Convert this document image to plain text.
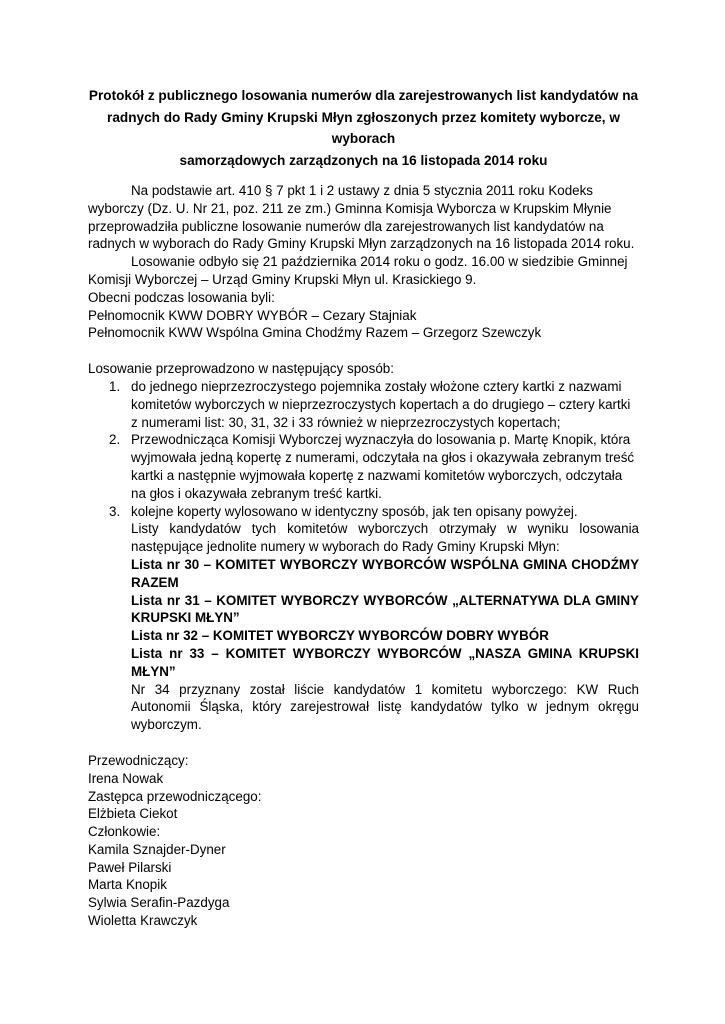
Protokół z publicznego losowania numerów dla zarejestrowanych list kandydatów na
radnych do Rady Gminy Krupski Młyn zgłoszonych przez komitety wyborcze, w wyborach
samorządowych zarządzonych na 16 listopada 2014 roku

Na podstawie art. 410 § 7 pkt 1 i 2 ustawy z dnia 5 stycznia 2011 roku Kodeks
wyborczy (Dz. U. Nr 21, poz. 211 ze zm.) Gminna Komisja Wyborcza w Krupskim Młynie
przeprowadziła publiczne losowanie numerów dla zarejestrowanych list kandydatów na
radnych w wyborach do Rady Gminy Krupski Młyn zarządzonych na 16 listopada 2014 roku.

Losowanie odbyło się 21 października 2014 roku o godz. 16.00 w siedzibie Gminnej
Komisji Wyborczej – Urząd Gminy Krupski Młyn ul. Krasickiego 9.

Obecni podczas losowania byli:

Pełnomocnik KWW DOBRY WYBÓR – Cezary Stajniak

Pełnomocnik KWW Wspólna Gmina Chodźmy Razem – Grzegorz Szewczyk

Losowanie przeprowadzono w następujący sposób:

1. do jednego nieprzezroczystego pojemnika zostały włożone cztery kartki z nazwami
komitetów wyborczych w nieprzezroczystych kopertach a do drugiego – cztery kartki
z numerami list: 30, 31, 32 i 33 również w nieprzezroczystych kopertach;
2. Przewodnicząca Komisji Wyborczej wyznaczyła do losowania p. Martę Knopik, która
wyjmowała jedną kopertę z numerami, odczytała na głos i okazywała zebranym treść
kartki a następnie wyjmowała kopertę z nazwami komitetów wyborczych, odczytała
na głos i okazywała zebranym treść kartki.
3. kolejne koperty wylosowano w identyczny sposób, jak ten opisany powyżej.

Listy kandydatów tych komitetów wyborczych otrzymały w wyniku losowania następujące jednolite numery w wyborach do Rady Gminy Krupski Młyn:

Lista nr 30 – KOMITET WYBORCZY WYBORCÓW WSPÓLNA GMINA CHODŹMY RAZEM

Lista nr 31 – KOMITET WYBORCZY WYBORCÓW „ALTERNATYWA DLA GMINY KRUPSKI MŁYN”

Lista nr 32 – KOMITET WYBORCZY WYBORCÓW DOBRY WYBÓR

Lista nr 33 – KOMITET WYBORCZY WYBORCÓW „NASZA GMINA KRUPSKI MŁYN”

Nr 34 przyznany został liście kandydatów 1 komitetu wyborczego: KW Ruch Autonomii Śląska, który zarejestrował listę kandydatów tylko w jednym okręgu wyborczym.

Przewodniczący:

Irena Nowak

Zastępca przewodniczącego:

Elżbieta Ciekot

Członkowie:

Kamila Sznajder-Dyner

Paweł Pilarski

Marta Knopik

Sylwia Serafin-Pazdyga

Wioletta Krawczyk
